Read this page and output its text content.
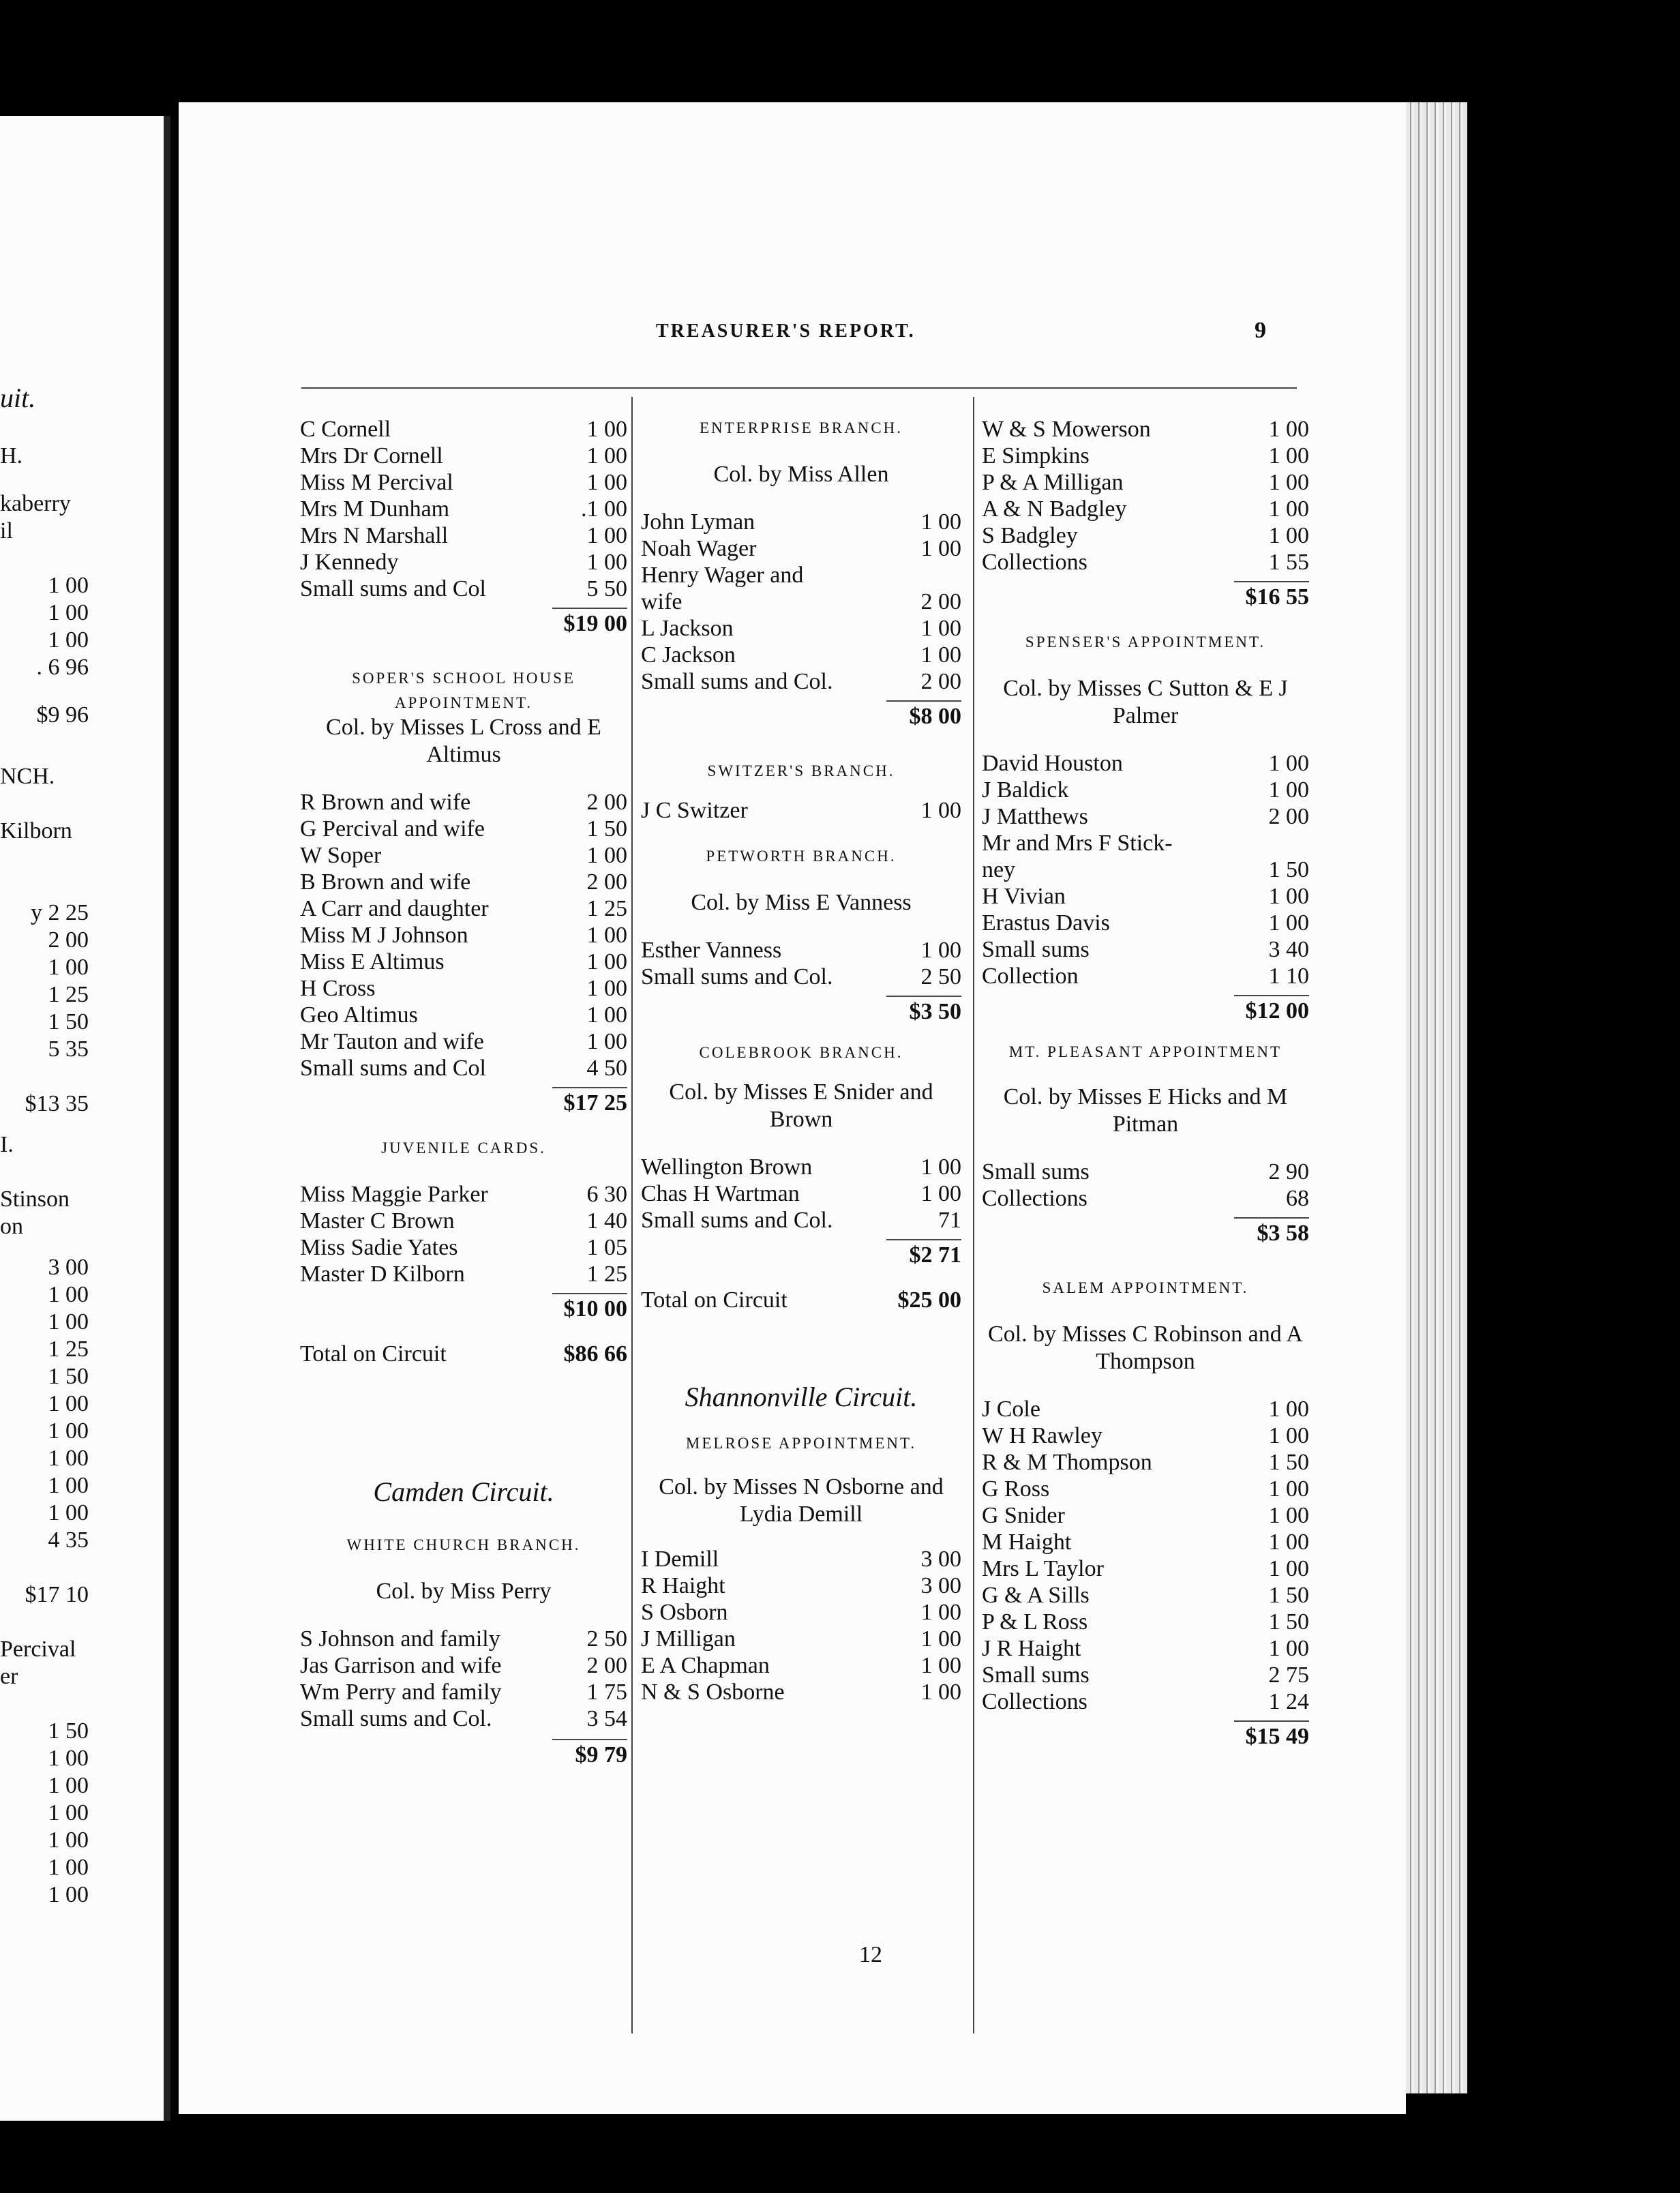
TREASURER'S REPORT.	9
12
uit.
H.
kaberry
il
1 00
1 00
1 00
. 6 96
$9 96
NCH.
Kilborn
y 2 25
2 00
1 00
1 25
1 50
5 35
$13 35
I.
Stinson
on
3 00
1 00
1 00
1 25
1 50
1 00
1 00
1 00
1 00
1 00
4 35
$17 10
Percival
er
1 50
1 00
1 00
1 00
1 00
1 00
1 00
C Cornell	1 00
Mrs Dr Cornell	1 00
Miss M Percival	1 00
Mrs M Dunham	.1 00
Mrs N Marshall	1 00
J Kennedy	1 00
Small sums and Col	5 50
$19 00
SOPER'S SCHOOL HOUSE APPOINTMENT.
Col. by Misses L Cross and E Altimus
R Brown and wife	2 00
G Percival and wife	1 50
W Soper	1 00
B Brown and wife	2 00
A Carr and daughter	1 25
Miss M J Johnson	1 00
Miss E Altimus	1 00
H Cross	1 00
Geo Altimus	1 00
Mr Tauton and wife	1 00
Small sums and Col	4 50
$17 25
JUVENILE CARDS.
Miss Maggie Parker	6 30
Master C Brown	1 40
Miss Sadie Yates	1 05
Master D Kilborn	1 25
$10 00
Total on Circuit	$86 66
Camden Circuit.
WHITE CHURCH BRANCH.
Col. by Miss Perry
S Johnson and family	2 50
Jas Garrison and wife	2 00
Wm Perry and family	1 75
Small sums and Col.	3 54
$9 79
ENTERPRISE BRANCH.
Col. by Miss Allen
John Lyman	1 00
Noah Wager	1 00
Henry Wager and
wife	2 00
L Jackson	1 00
C Jackson	1 00
Small sums and Col.	2 00
$8 00
SWITZER'S BRANCH.
J C Switzer	1 00
PETWORTH BRANCH.
Col. by Miss E Vanness
Esther Vanness	1 00
Small sums and Col.	2 50
$3 50
COLEBROOK BRANCH.
Col. by Misses E Snider and Brown
Wellington Brown	1 00
Chas H Wartman	1 00
Small sums and Col.	71
$2 71
Total on Circuit	$25 00
Shannonville Circuit.
MELROSE APPOINTMENT.
Col. by Misses N Osborne and Lydia Demill
I Demill	3 00
R Haight	3 00
S Osborn	1 00
J Milligan	1 00
E A Chapman	1 00
N & S Osborne	1 00
W & S Mowerson	1 00
E Simpkins	1 00
P & A Milligan	1 00
A & N Badgley	1 00
S Badgley	1 00
Collections	1 55
$16 55
SPENSER'S APPOINTMENT.
Col. by Misses C Sutton & E J Palmer
David Houston	1 00
J Baldick	1 00
J Matthews	2 00
Mr and Mrs F Stick-
ney	1 50
H Vivian	1 00
Erastus Davis	1 00
Small sums	3 40
Collection	1 10
$12 00
MT. PLEASANT APPOINTMENT
Col. by Misses E Hicks and M Pitman
Small sums	2 90
Collections	68
$3 58
SALEM APPOINTMENT.
Col. by Misses C Robinson and A Thompson
J Cole	1 00
W H Rawley	1 00
R & M Thompson	1 50
G Ross	1 00
G Snider	1 00
M Haight	1 00
Mrs L Taylor	1 00
G & A Sills	1 50
P & L Ross	1 50
J R Haight	1 00
Small sums	2 75
Collections	1 24
$15 49
